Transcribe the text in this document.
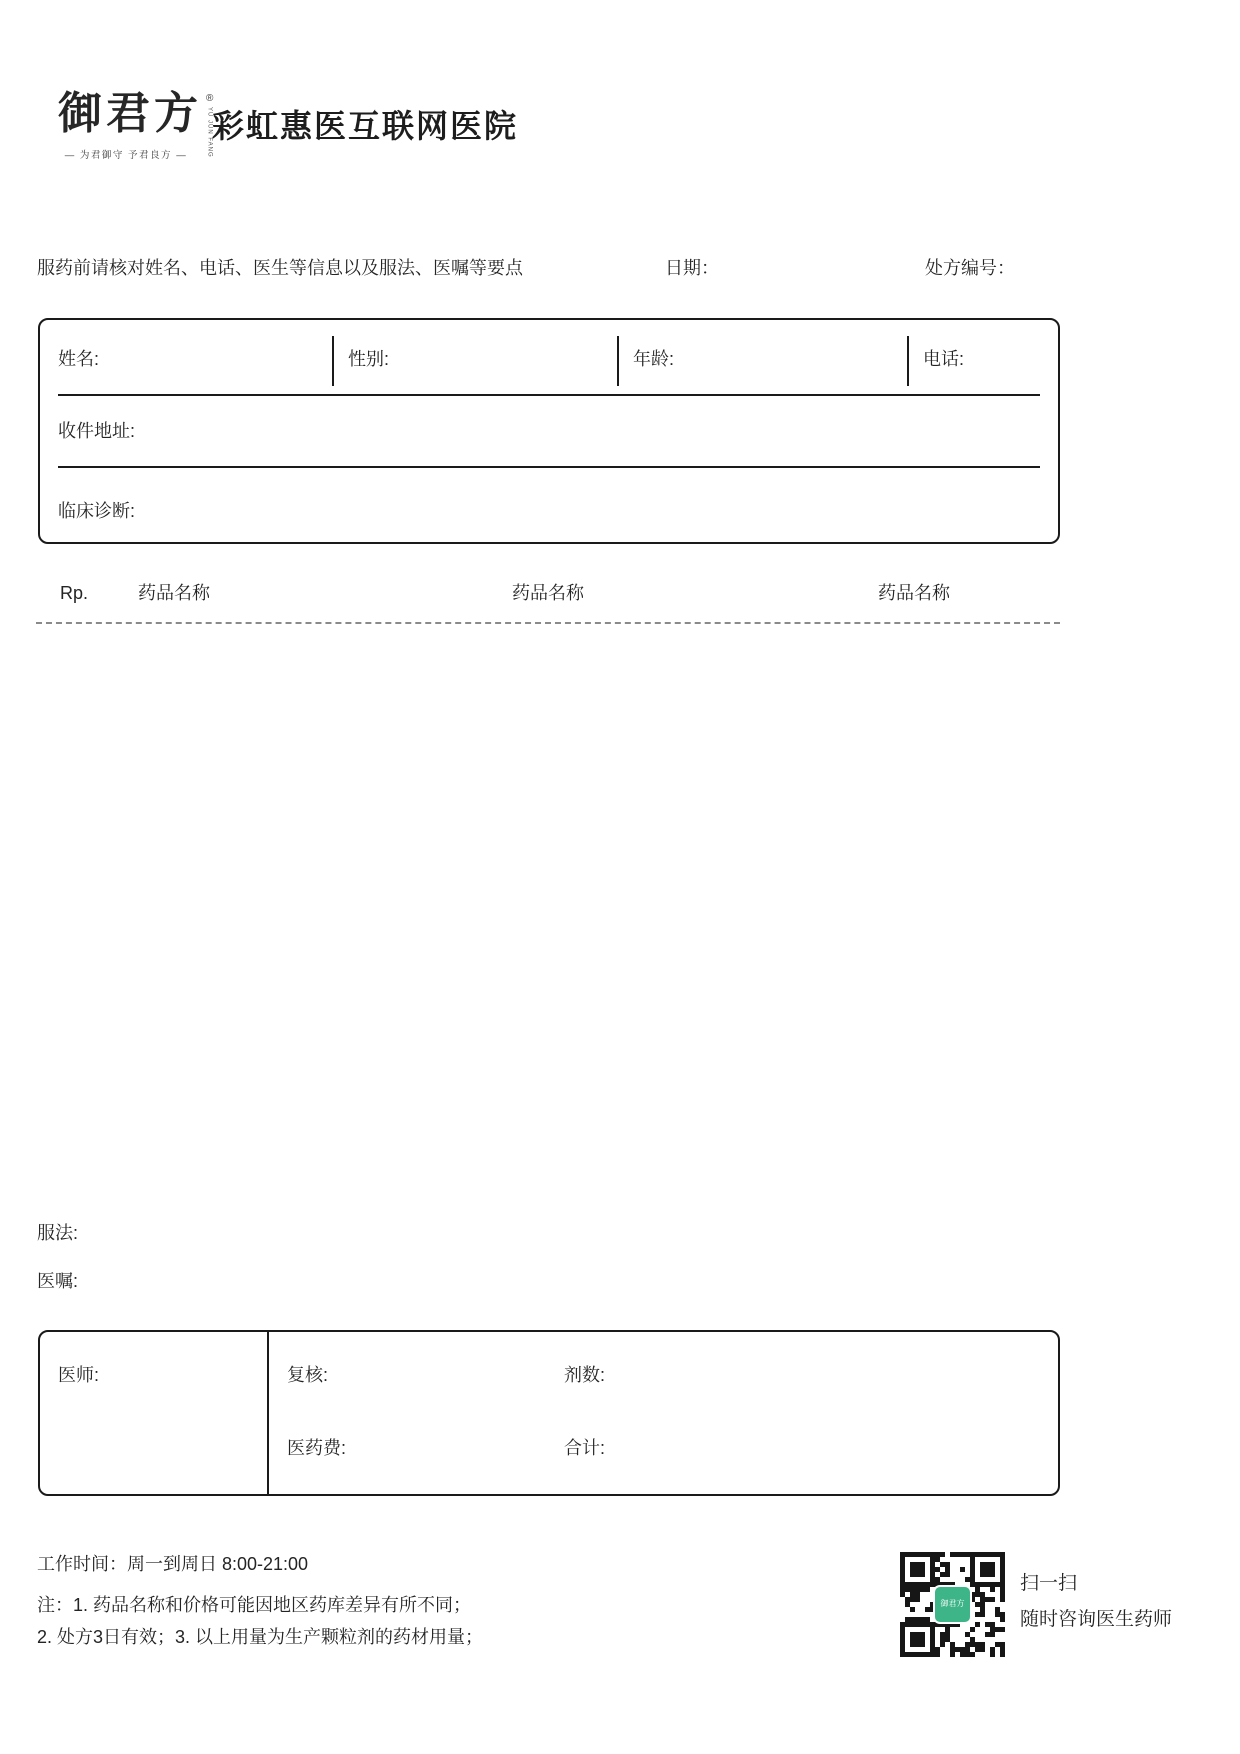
御君方 ®
YU JUN FANG
— 为君御守 予君良方 —
彩虹惠医互联网医院
服药前请核对姓名、电话、医生等信息以及服法、医嘱等要点	日期：	处方编号：
姓名:	性别:	年龄:	电话:
收件地址:
临床诊断:
Rp.	药品名称	药品名称	药品名称
服法:
医嘱:
医师:	复核:	剂数:
医药费:	合计:
工作时间：周一到周日 8:00-21:00
注：1. 药品名称和价格可能因地区药库差异有所不同；
2. 处方3日有效；3. 以上用量为生产颗粒剂的药材用量；
御君方
扫一扫
随时咨询医生药师
